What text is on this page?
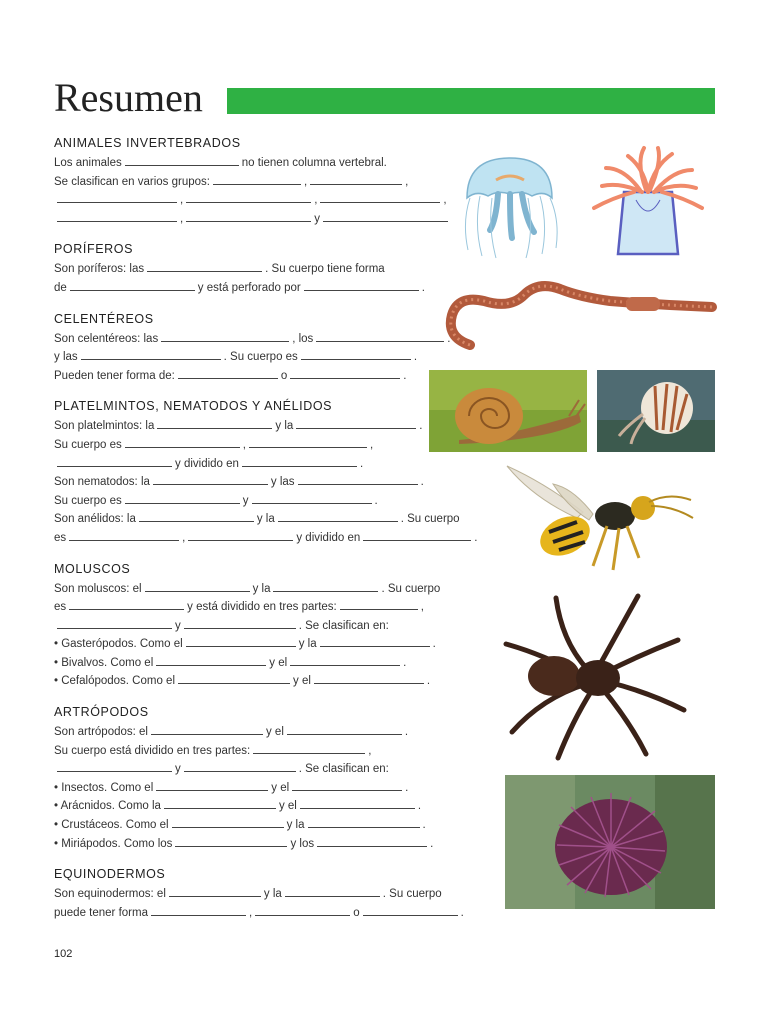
Resumen
ANIMALES INVERTEBRADOS
Los animales	no tienen columna vertebral.
Se clasifican en varios grupos:	,	,
,	,	,
,	y
PORÍFEROS
Son poríferos: las	. Su cuerpo tiene forma
de	y está perforado por	.
CELENTÉREOS
Son celentéreos: las	, los	.
y las	. Su cuerpo es	.
Pueden tener forma de:	o	.
PLATELMINTOS, NEMATODOS Y ANÉLIDOS
Son platelmintos: la	y la	.
Su cuerpo es	,	,
y dividido en	.
Son nematodos: la	y las	.
Su cuerpo es	y	.
Son anélidos: la	y la	. Su cuerpo
es	,	y dividido en	.
MOLUSCOS
Son moluscos: el	y la	. Su cuerpo
es	y está dividido en tres partes:	,
y	. Se clasifican en:
• Gasterópodos. Como el	y la	.
• Bivalvos. Como el	y el	.
• Cefalópodos. Como el	y el	.
ARTRÓPODOS
Son artrópodos: el	y el	.
Su cuerpo está dividido en tres partes:	,
y	. Se clasifican en:
• Insectos. Como el	y el	.
• Arácnidos. Como la	y el	.
• Crustáceos. Como el	y la	.
• Miriápodos. Como los	y los	.
EQUINODERMOS
Son equinodermos: el	y la	. Su cuerpo
puede tener forma	,	o	.
102
